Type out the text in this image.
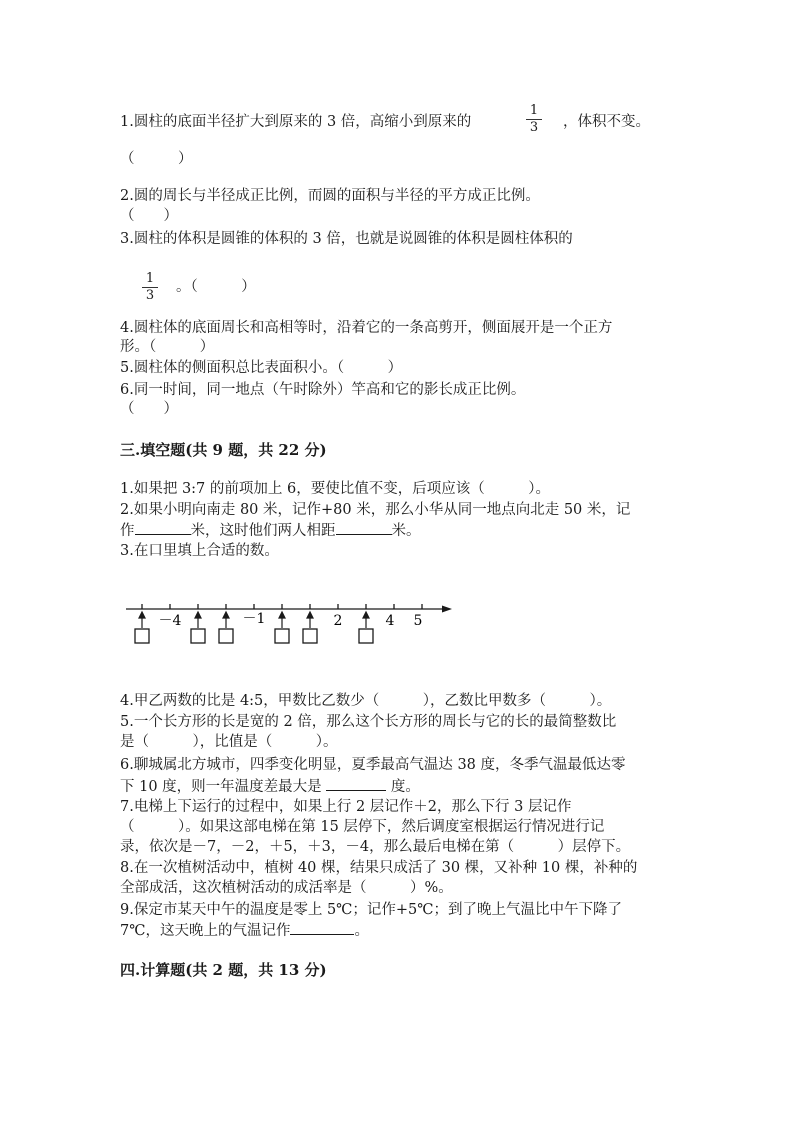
1.圆柱的底面半径扩大到原来的 3 倍，高缩小到原来的
1
3 ，体积不变。
（　　　）
2.圆的周长与半径成正比例，而圆的面积与半径的平方成正比例。
（　　）
3.圆柱的体积是圆锥的体积的 3 倍，也就是说圆锥的体积是圆柱体积的
1
3
。（　　　）
4.圆柱体的底面周长和高相等时，沿着它的一条高剪开，侧面展开是一个正方
形。（　　　）
5.圆柱体的侧面积总比表面积小。（　　　）
6.同一时间，同一地点（午时除外）竿高和它的影长成正比例。
（　　）
三.填空题(共 9 题，共 22 分)
1.如果把 3:7 的前项加上 6，要使比值不变，后项应该（　　　）。
2.如果小明向南走 80 米，记作+80 米，那么小华从同一地点向北走 50 米，记
作	米，这时他们两人相距	米。
3.在口里填上合适的数。
－4	－1	2	4 5
4.甲乙两数的比是 4:5，甲数比乙数少（　　　），乙数比甲数多（　　　）。
5.一个长方形的长是宽的 2 倍，那么这个长方形的周长与它的长的最简整数比
是（　　　），比值是（　　　）。
6.聊城属北方城市，四季变化明显，夏季最高气温达 38 度，冬季气温最低达零
下 10 度，则一年温度差最大是	度。
7.电梯上下运行的过程中，如果上行 2 层记作＋2，那么下行 3 层记作
（　　　）。如果这部电梯在第 15 层停下，然后调度室根据运行情况进行记
录，依次是－7，－2，＋5，＋3，－4，那么最后电梯在第（　　　）层停下。
8.在一次植树活动中，植树 40 棵，结果只成活了 30 棵，又补种 10 棵，补种的
全部成活，这次植树活动的成活率是（　　　）%。
9.保定市某天中午的温度是零上 5℃；记作+5℃；到了晚上气温比中午下降了
7℃，这天晚上的气温记作	。
四.计算题(共 2 题，共 13 分)
